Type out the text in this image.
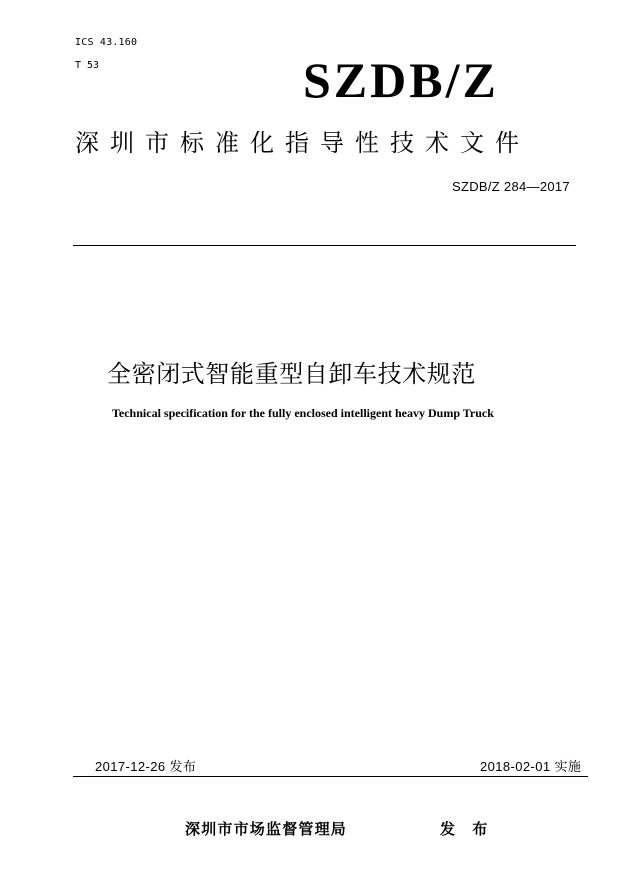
ICS 43.160
T 53	SZDB/Z
深圳市标准化指导性技术文件
SZDB/Z 284—2017
全密闭式智能重型自卸车技术规范
Technical specification for the fully enclosed intelligent heavy Dump Truck
2017-12-26 发布	2018-02-01 实施
深圳市市场监督管理局	发 布
